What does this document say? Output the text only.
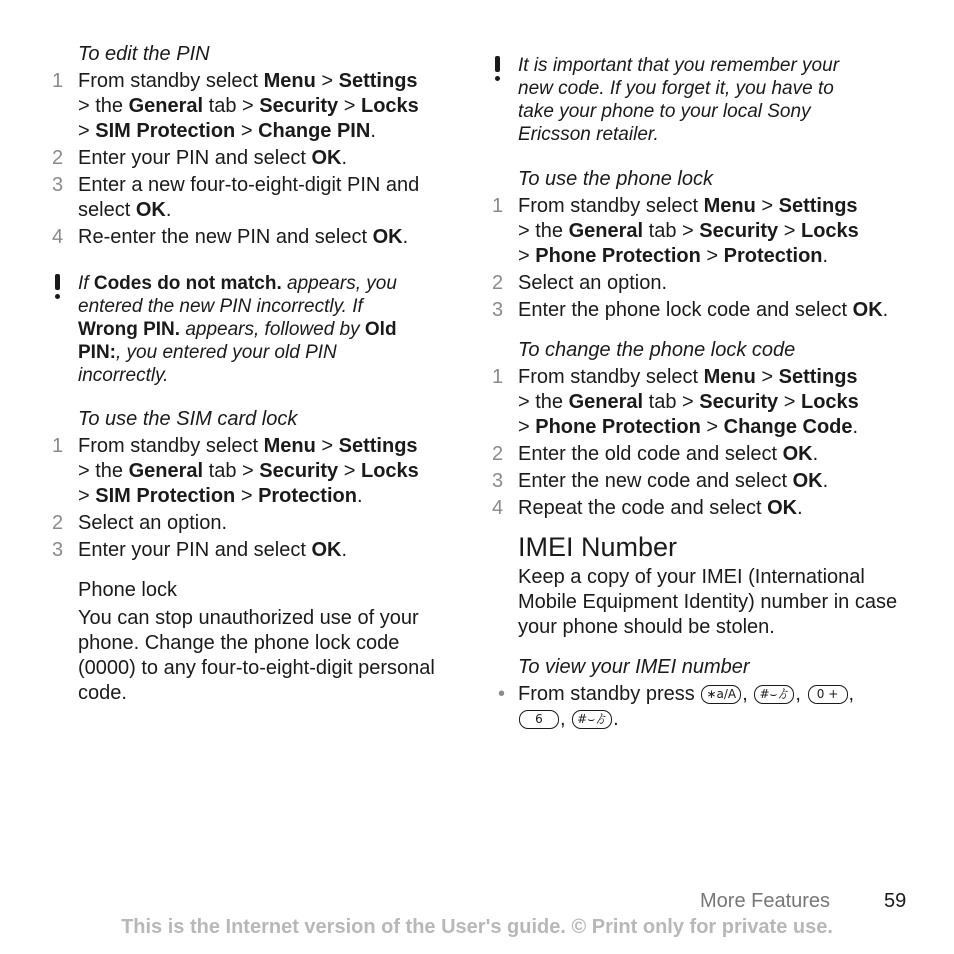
To edit the PIN
1 From standby select Menu > Settings
> the General tab > Security > Locks
> SIM Protection > Change PIN.
2 Enter your PIN and select OK.
3 Enter a new four-to-eight-digit PIN and select OK.
4 Re-enter the new PIN and select OK.
If Codes do not match. appears, you entered the new PIN incorrectly. If Wrong PIN. appears, followed by Old PIN:, you entered your old PIN incorrectly.
To use the SIM card lock
1 From standby select Menu > Settings
> the General tab > Security > Locks
> SIM Protection > Protection.
2 Select an option.
3 Enter your PIN and select OK.
Phone lock
You can stop unauthorized use of your phone. Change the phone lock code (0000) to any four-to-eight-digit personal code.
It is important that you remember your new code. If you forget it, you have to take your phone to your local Sony Ericsson retailer.
To use the phone lock
1 From standby select Menu > Settings
> the General tab > Security > Locks
> Phone Protection > Protection.
2 Select an option.
3 Enter the phone lock code and select OK.
To change the phone lock code
1 From standby select Menu > Settings
> the General tab > Security > Locks
> Phone Protection > Change Code.
2 Enter the old code and select OK.
3 Enter the new code and select OK.
4 Repeat the code and select OK.
IMEI Number
Keep a copy of your IMEI (International Mobile Equipment Identity) number in case your phone should be stolen.
To view your IMEI number
• From standby press ∗a/A , #⌣ゟ , 0 + ,
6 , #⌣ゟ .
More Features	59
This is the Internet version of the User's guide. © Print only for private use.
